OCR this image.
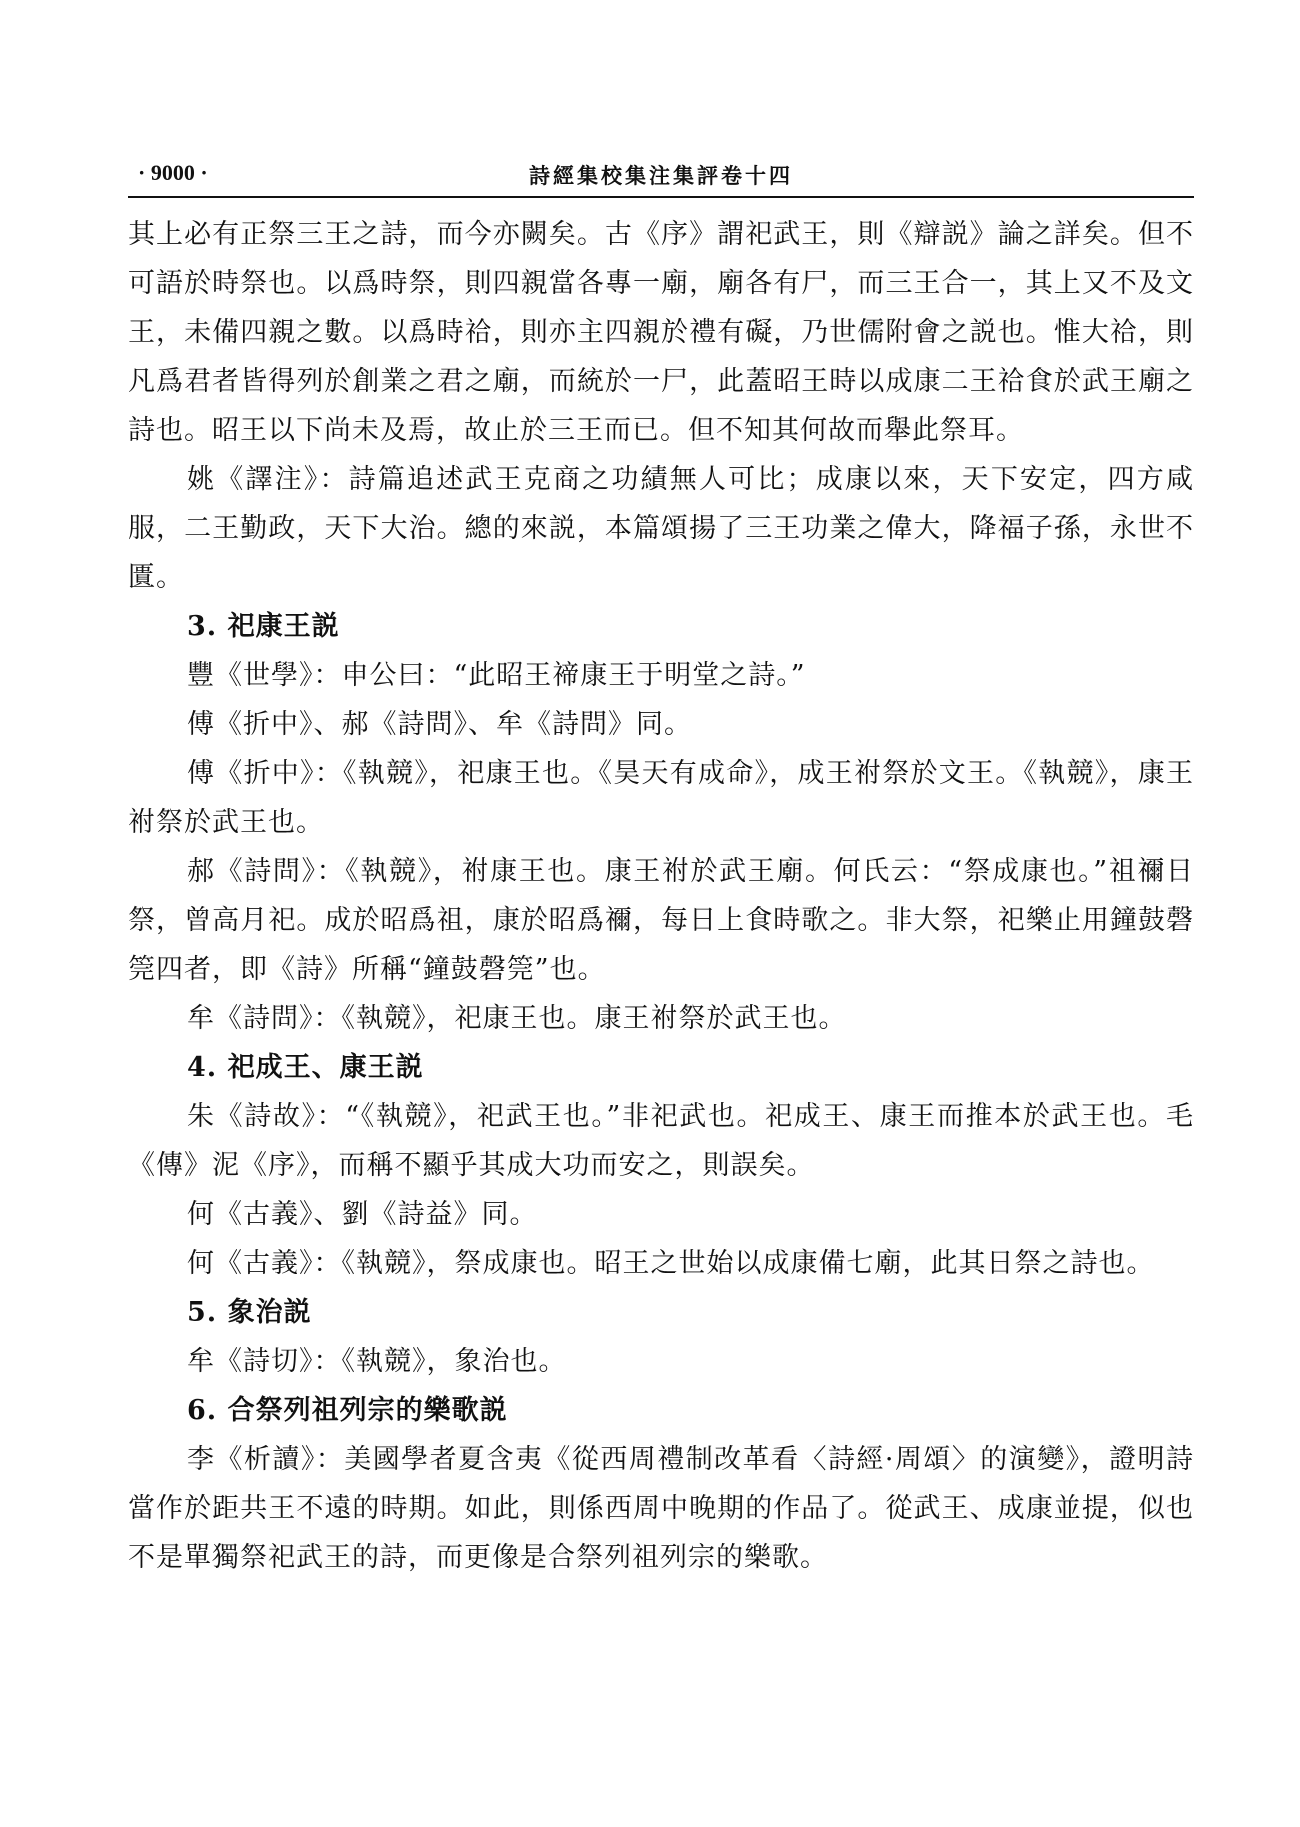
· 9000 ·	詩經集校集注集評卷十四

其上必有正祭三王之詩，而今亦闕矣。古《序》謂祀武王，則《辯説》論之詳矣。但不可語於時祭也。以爲時祭，則四親當各專一廟，廟各有尸，而三王合一，其上又不及文王，未備四親之數。以爲時祫，則亦主四親於禮有礙，乃世儒附會之説也。惟大祫，則凡爲君者皆得列於創業之君之廟，而統於一尸，此蓋昭王時以成康二王祫食於武王廟之詩也。昭王以下尚未及焉，故止於三王而已。但不知其何故而舉此祭耳。

姚《譯注》：詩篇追述武王克商之功績無人可比；成康以來，天下安定，四方咸服，二王勤政，天下大治。總的來説，本篇頌揚了三王功業之偉大，降福子孫，永世不匱。

3. 祀康王説

豐《世學》：申公曰：“此昭王禘康王于明堂之詩。”

傅《折中》、郝《詩問》、牟《詩問》同。

傅《折中》：《執競》，祀康王也。《昊天有成命》，成王祔祭於文王。《執競》，康王祔祭於武王也。

郝《詩問》：《執競》，祔康王也。康王祔於武王廟。何氏云：“祭成康也。”祖禰日祭，曾高月祀。成於昭爲祖，康於昭爲禰，每日上食時歌之。非大祭，祀樂止用鐘鼓磬筦四者，即《詩》所稱“鐘鼓磬筦”也。

牟《詩問》：《執競》，祀康王也。康王祔祭於武王也。

4. 祀成王、康王説

朱《詩故》：“《執競》，祀武王也。”非祀武也。祀成王、康王而推本於武王也。毛《傳》泥《序》，而稱不顯乎其成大功而安之，則誤矣。

何《古義》、劉《詩益》同。

何《古義》：《執競》，祭成康也。昭王之世始以成康備七廟，此其日祭之詩也。

5. 象治説

牟《詩切》：《執競》，象治也。

6. 合祭列祖列宗的樂歌説

李《析讀》：美國學者夏含夷《從西周禮制改革看〈詩經·周頌〉的演變》，證明詩當作於距共王不遠的時期。如此，則係西周中晚期的作品了。從武王、成康並提，似也不是單獨祭祀武王的詩，而更像是合祭列祖列宗的樂歌。
